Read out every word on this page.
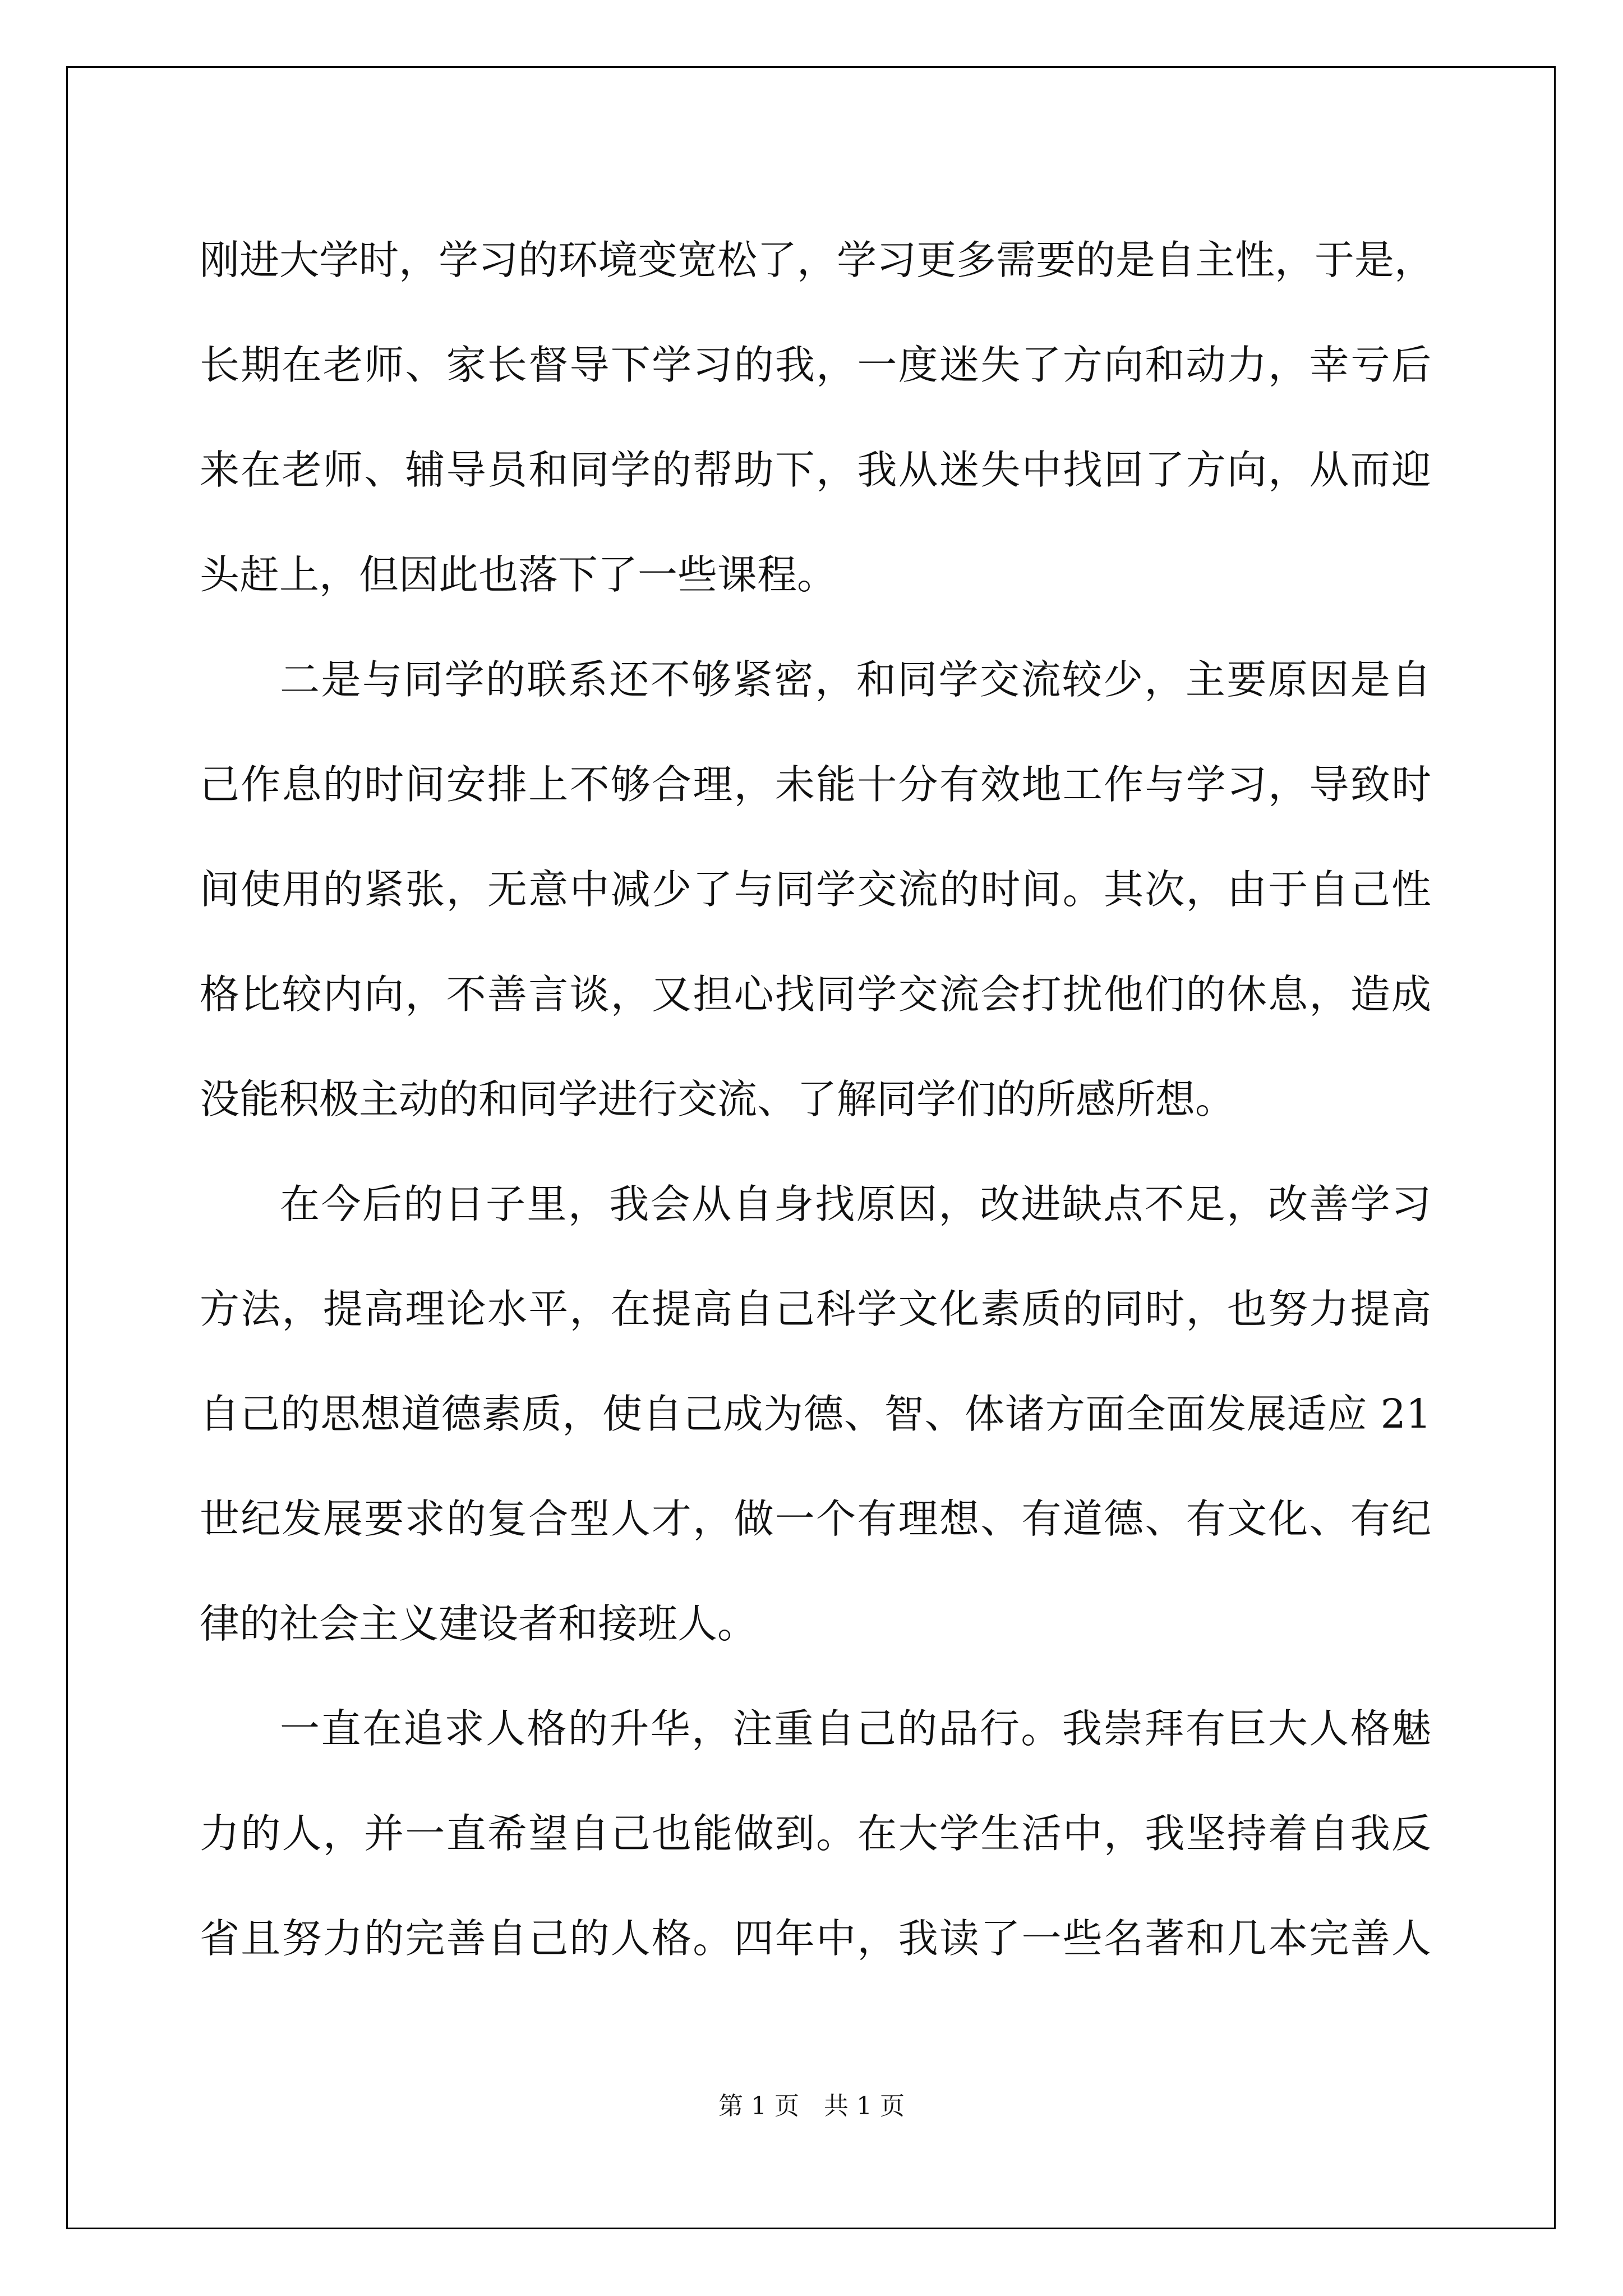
刚进大学时，学习的环境变宽松了，学习更多需要的是自主性，于是，
长期在老师、家长督导下学习的我，一度迷失了方向和动力，幸亏后
来在老师、辅导员和同学的帮助下，我从迷失中找回了方向，从而迎
头赶上，但因此也落下了一些课程。
二是与同学的联系还不够紧密，和同学交流较少，主要原因是自
己作息的时间安排上不够合理，未能十分有效地工作与学习，导致时
间使用的紧张，无意中减少了与同学交流的时间。其次，由于自己性
格比较内向，不善言谈，又担心找同学交流会打扰他们的休息，造成
没能积极主动的和同学进行交流、了解同学们的所感所想。
在今后的日子里，我会从自身找原因，改进缺点不足，改善学习
方法，提高理论水平，在提高自己科学文化素质的同时，也努力提高
自己的思想道德素质，使自己成为德、智、体诸方面全面发展适应 21
世纪发展要求的复合型人才，做一个有理想、有道德、有文化、有纪
律的社会主义建设者和接班人。
一直在追求人格的升华，注重自己的品行。我崇拜有巨大人格魅
力的人，并一直希望自己也能做到。在大学生活中，我坚持着自我反
省且努力的完善自己的人格。四年中，我读了一些名著和几本完善人
第 1 页 共 1 页
